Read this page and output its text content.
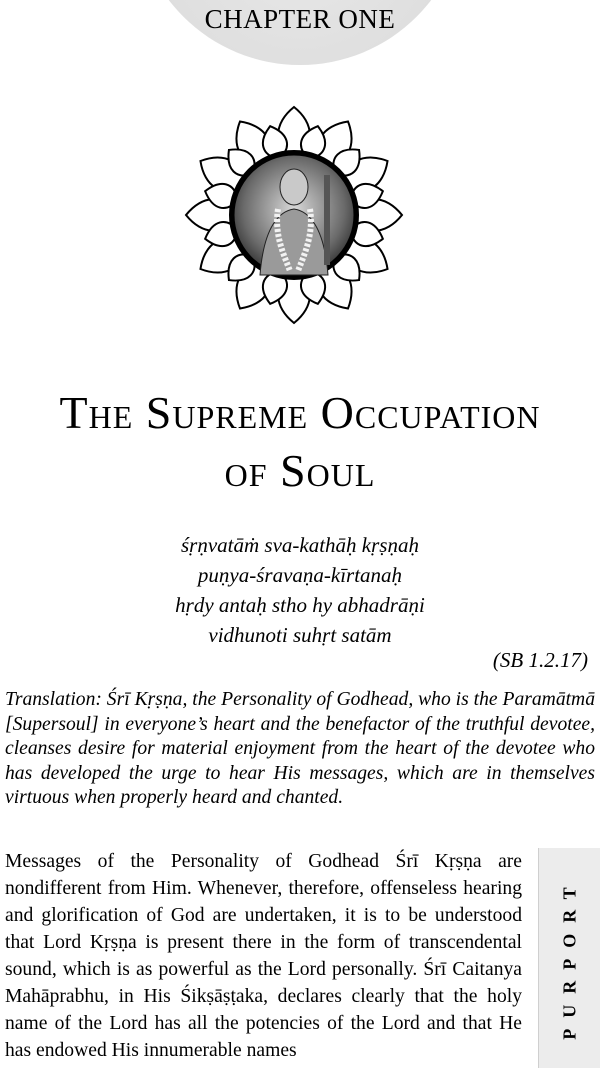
CHAPTER ONE
The Supreme Occupation
of Soul
śṛṇvatāṁ sva-kathāḥ kṛṣṇaḥ
puṇya-śravaṇa-kīrtanaḥ
hṛdy antaḥ stho hy abhadrāṇi
vidhunoti suhṛt satām
(SB 1.2.17)
Translation: Śrī Kṛṣṇa, the Personality of Godhead, who is the Paramātmā [Supersoul] in everyone’s heart and the benefactor of the truthful devotee, cleanses desire for material enjoyment from the heart of the devotee who has developed the urge to hear His messages, which are in themselves virtuous when properly heard and chanted.
Messages of the Personality of Godhead Śrī Kṛṣṇa are nondifferent from Him. Whenever, therefore, offenseless hearing and glorification of God are undertaken, it is to be understood that Lord Kṛṣṇa is present there in the form of transcendental sound, which is as powerful as the Lord personally. Śrī Caitanya Mahāprabhu, in His Śikṣāṣṭaka, declares clearly that the holy name of the Lord has all the potencies of the Lord and that He has endowed His innumerable names
PURPORT
